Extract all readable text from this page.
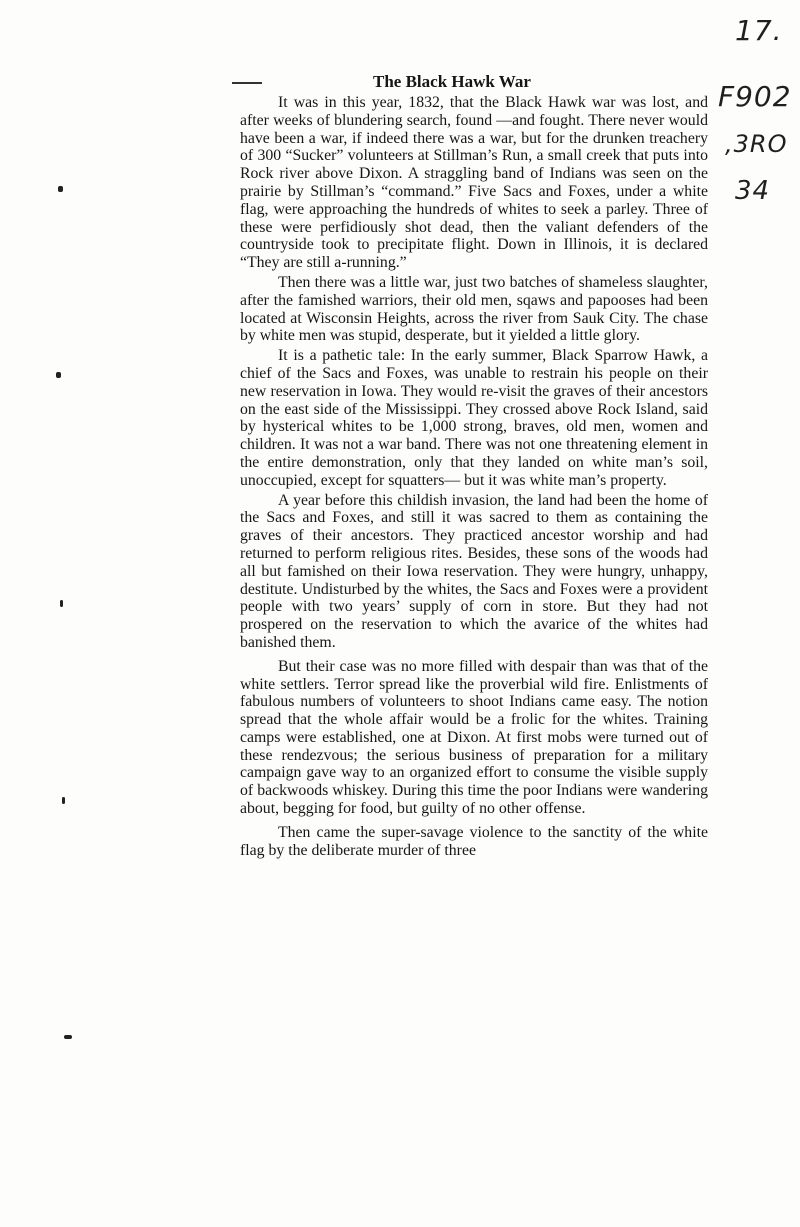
17.
F902
,3RO
34
The Black Hawk War

It was in this year, 1832, that the Black Hawk war was lost, and after weeks of blundering search, found —and fought. There never would have been a war, if indeed there was a war, but for the drunken treachery of 300 “Sucker” volunteers at Stillman’s Run, a small creek that puts into Rock river above Dixon. A straggling band of Indians was seen on the prairie by Stillman’s “command.” Five Sacs and Foxes, under a white flag, were approaching the hundreds of whites to seek a parley. Three of these were perfidiously shot dead, then the valiant defenders of the countryside took to precipitate flight. Down in Illinois, it is declared “They are still a-running.”

Then there was a little war, just two batches of shameless slaughter, after the famished warriors, their old men, sqaws and papooses had been located at Wisconsin Heights, across the river from Sauk City. The chase by white men was stupid, desperate, but it yielded a little glory.

It is a pathetic tale: In the early summer, Black Sparrow Hawk, a chief of the Sacs and Foxes, was unable to restrain his people on their new reservation in Iowa. They would re-visit the graves of their ancestors on the east side of the Mississippi. They crossed above Rock Island, said by hysterical whites to be 1,000 strong, braves, old men, women and children. It was not a war band. There was not one threatening element in the entire demonstration, only that they landed on white man’s soil, unoccupied, except for squatters— but it was white man’s property.

A year before this childish invasion, the land had been the home of the Sacs and Foxes, and still it was sacred to them as containing the graves of their ancestors. They practiced ancestor worship and had returned to perform religious rites. Besides, these sons of the woods had all but famished on their Iowa reservation. They were hungry, unhappy, destitute. Undisturbed by the whites, the Sacs and Foxes were a provident people with two years’ supply of corn in store. But they had not prospered on the reservation to which the avarice of the whites had banished them.

But their case was no more filled with despair than was that of the white settlers. Terror spread like the proverbial wild fire. Enlistments of fabulous numbers of volunteers to shoot Indians came easy. The notion spread that the whole affair would be a frolic for the whites. Training camps were established, one at Dixon. At first mobs were turned out of these rendezvous; the serious business of preparation for a military campaign gave way to an organized effort to consume the visible supply of backwoods whiskey. During this time the poor Indians were wandering about, begging for food, but guilty of no other offense.

Then came the super-savage violence to the sanctity of the white flag by the deliberate murder of three
